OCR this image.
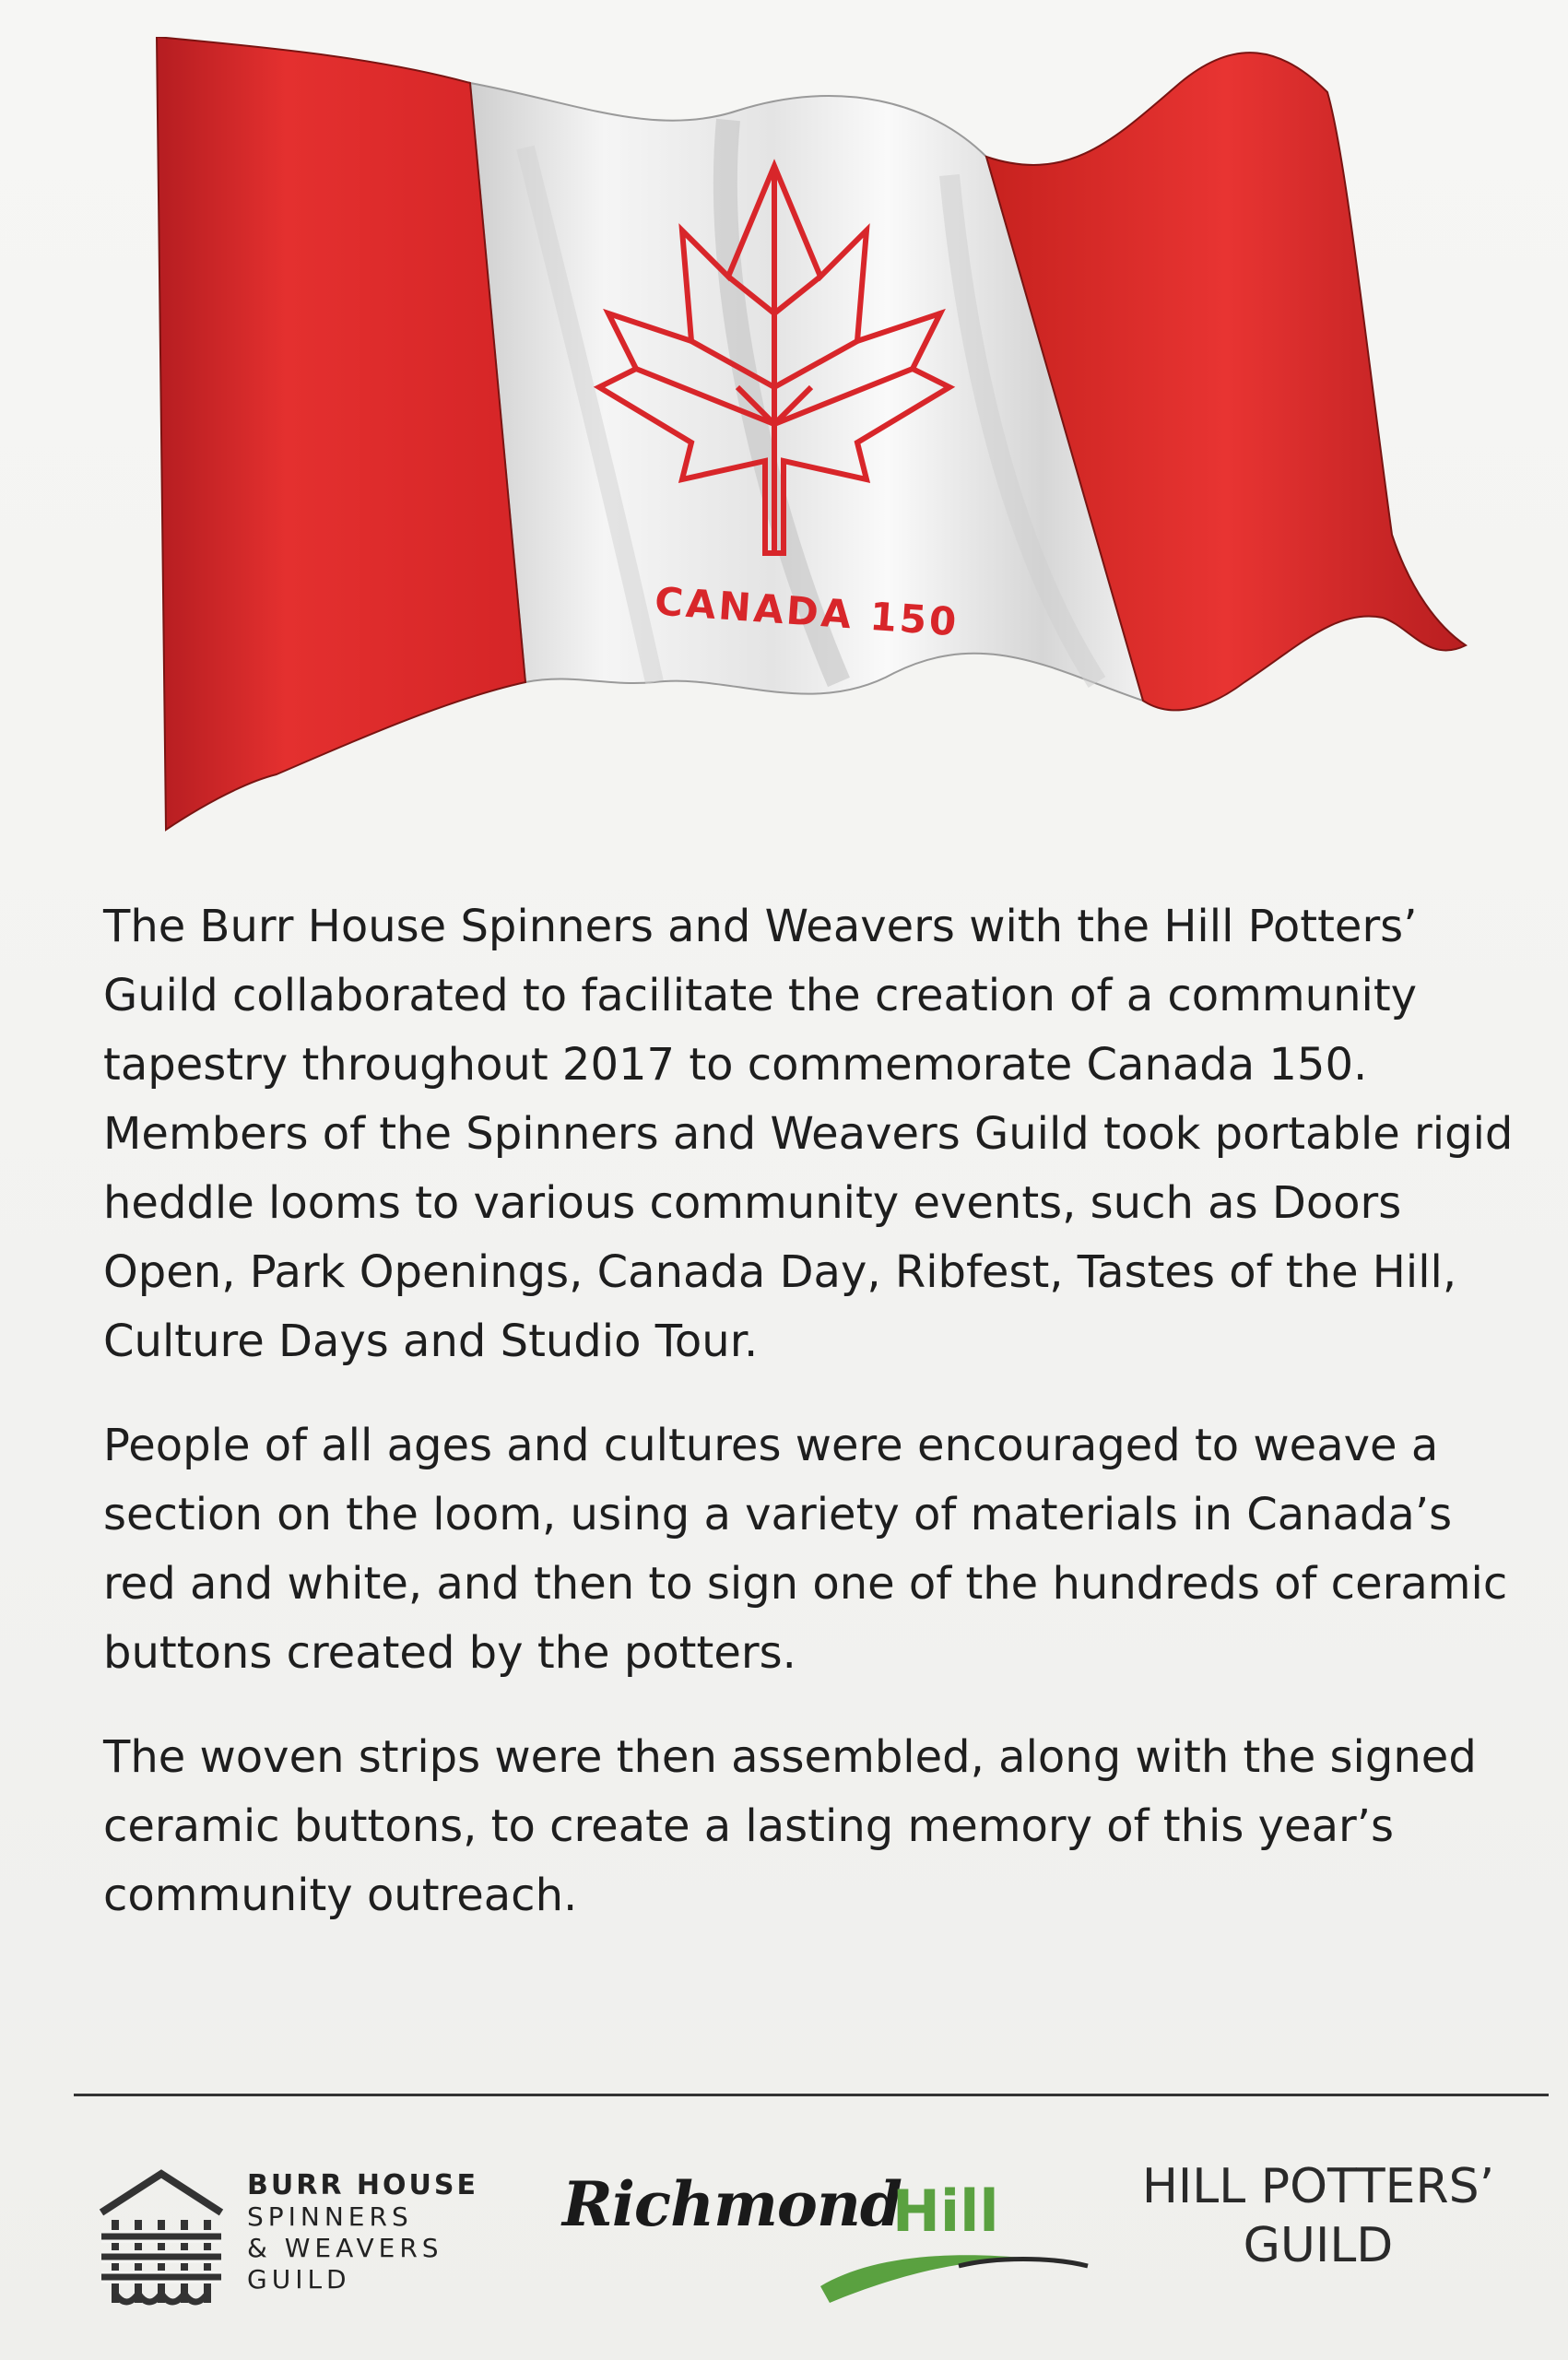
CANADA 150

The Burr House Spinners and Weavers with the Hill Potters’ Guild collaborated to facilitate the creation of a community tapestry throughout 2017 to commemorate Canada 150. Members of the Spinners and Weavers Guild took portable rigid heddle looms to various community events, such as Doors Open, Park Openings, Canada Day, Ribfest, Tastes of the Hill, Culture Days and Studio Tour.

People of all ages and cultures were encouraged to weave a section on the loom, using a variety of materials in Canada’s red and white, and then to sign one of the hundreds of ceramic buttons created by the potters.

The woven strips were then assembled, along with the signed ceramic buttons, to create a lasting memory of this year’s community outreach.

BURR HOUSE
SPINNERS
& WEAVERS
GUILD
Richmond
Hill	HILL POTTERS’
GUILD
